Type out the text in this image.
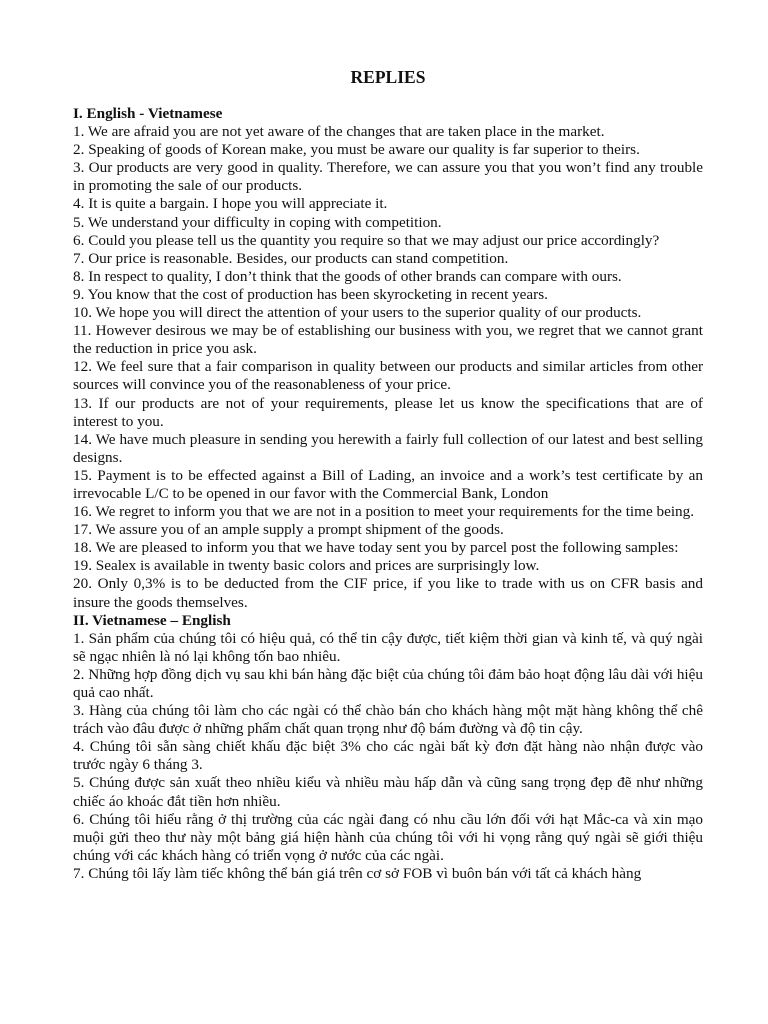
REPLIES
I. English - Vietnamese

1. We are afraid you are not yet aware of the changes that are taken place in the market.

2. Speaking of goods of Korean make, you must be aware our quality is far superior to theirs.

3. Our products are very good in quality. Therefore, we can assure you that you won’t find any trouble in promoting the sale of our products.

4. It is quite a bargain. I hope you will appreciate it.

5. We understand your difficulty in coping with competition.

6. Could you please tell us the quantity you require so that we may adjust our price accordingly?

7. Our price is reasonable. Besides, our products can stand competition.

8. In respect to quality, I don’t think that the goods of other brands can compare with ours.

9. You know that the cost of production has been skyrocketing in recent years.

10. We hope you will direct the attention of your users to the superior quality of our products.

11. However desirous we may be of establishing our business with you, we regret that we cannot grant the reduction in price you ask.

12. We feel sure that a fair comparison in quality between our products and similar articles from other sources will convince you of the reasonableness of your price.

13. If our products are not of your requirements, please let us know the specifications that are of interest to you.

14. We have much pleasure in sending you herewith a fairly full collection of our latest and best selling designs.

15. Payment is to be effected against a Bill of Lading, an invoice and a work’s test certificate by an irrevocable L/C to be opened in our favor with the Commercial Bank, London

16. We regret to inform you that we are not in a position to meet your requirements for the time being.

17. We assure you of an ample supply a prompt shipment of the goods.

18. We are pleased to inform you that we have today sent you by parcel post the following samples:

19. Sealex is available in twenty basic colors and prices are surprisingly low.

20. Only 0,3% is to be deducted from the CIF price, if you like to trade with us on CFR basis and insure the goods themselves.

II. Vietnamese – English

1. Sản phẩm của chúng tôi có hiệu quả, có thể tin cậy được, tiết kiệm thời gian và kinh tế, và quý ngài sẽ ngạc nhiên là nó lại không tốn bao nhiêu.

2. Những hợp đồng dịch vụ sau khi bán hàng đặc biệt của chúng tôi đảm bảo hoạt động lâu dài với hiệu quả cao nhất.

3. Hàng của chúng tôi làm cho các ngài có thể chào bán cho khách hàng một mặt hàng không thể chê trách vào đâu được ở những phẩm chất quan trọng như độ bám đường và độ tin cậy.

4. Chúng tôi sẵn sàng chiết khấu đặc biệt 3% cho các ngài bất kỳ đơn đặt hàng nào nhận được vào trước ngày 6 tháng 3.

5. Chúng được sản xuất theo nhiều kiểu và nhiều màu hấp dẫn và cũng sang trọng đẹp đẽ như những chiếc áo khoác đắt tiền hơn nhiều.

6. Chúng tôi hiểu rằng ở thị trường của các ngài đang có nhu cầu lớn đối với hạt Mắc-ca và xin mạo muội gửi theo thư này một bảng giá hiện hành của chúng tôi với hi vọng rằng quý ngài sẽ giới thiệu chúng với các khách hàng có triển vọng ở nước của các ngài.

7. Chúng tôi lấy làm tiếc không thể bán giá trên cơ sở FOB vì buôn bán với tất cả khách hàng
